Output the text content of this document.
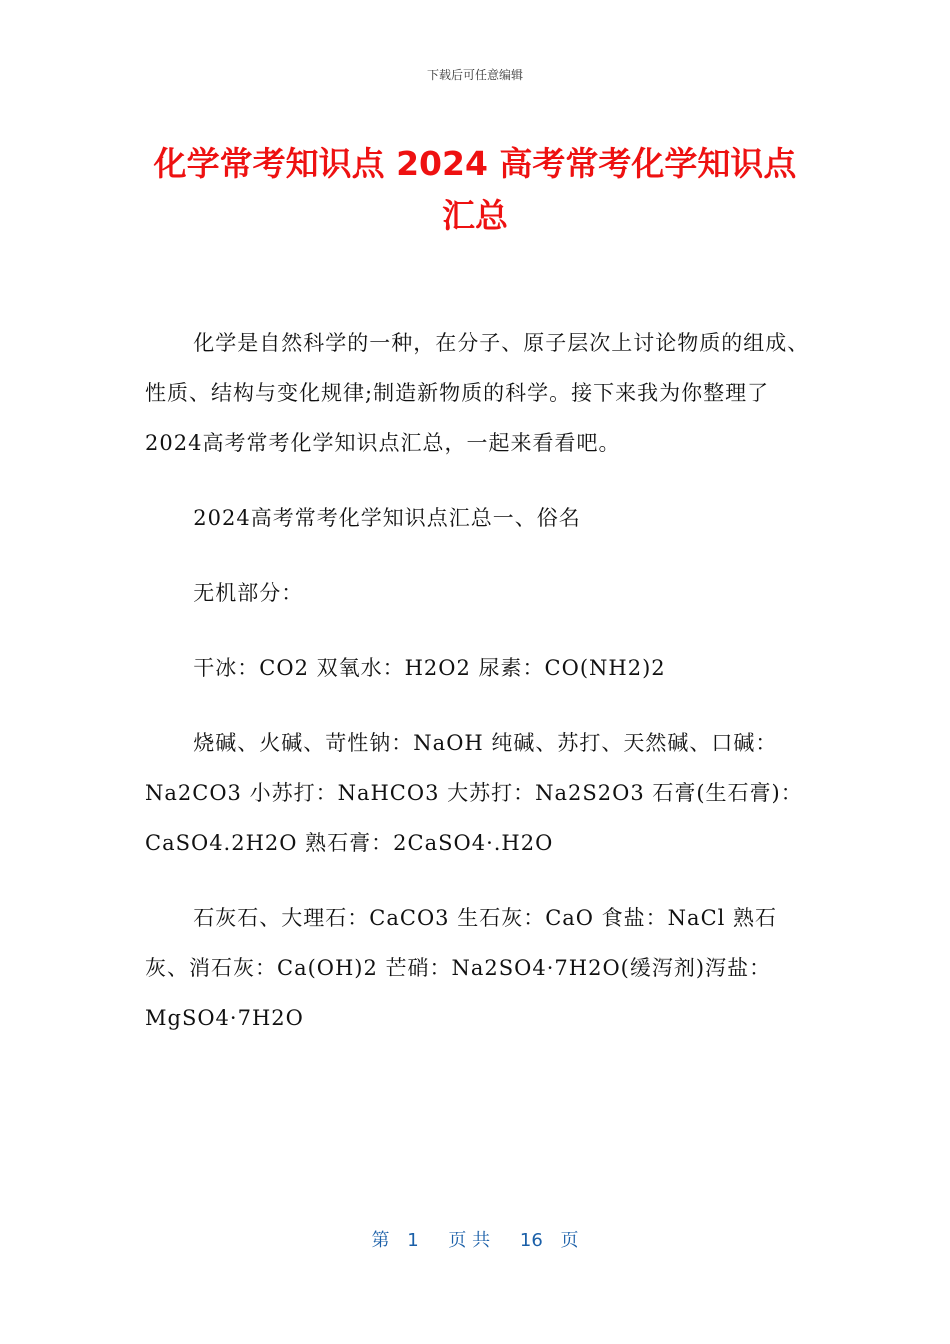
下载后可任意编辑
化学常考知识点 2024 高考常考化学知识点汇总

化学是自然科学的一种，在分子、原子层次上讨论物质的组成、性质、结构与变化规律;制造新物质的科学。接下来我为你整理了2024高考常考化学知识点汇总，一起来看看吧。

2024高考常考化学知识点汇总一、俗名

无机部分：

干冰：CO2 双氧水：H2O2 尿素：CO(NH2)2

烧碱、火碱、苛性钠：NaOH 纯碱、苏打、天然碱、口碱：Na2CO3 小苏打：NaHCO3 大苏打：Na2S2O3 石膏(生石膏)：CaSO4.2H2O 熟石膏：2CaSO4·.H2O

石灰石、大理石：CaCO3 生石灰：CaO 食盐：NaCl 熟石灰、消石灰：Ca(OH)2 芒硝：Na2SO4·7H2O(缓泻剂)泻盐：MgSO4·7H2O

第 1 页 共 16 页
